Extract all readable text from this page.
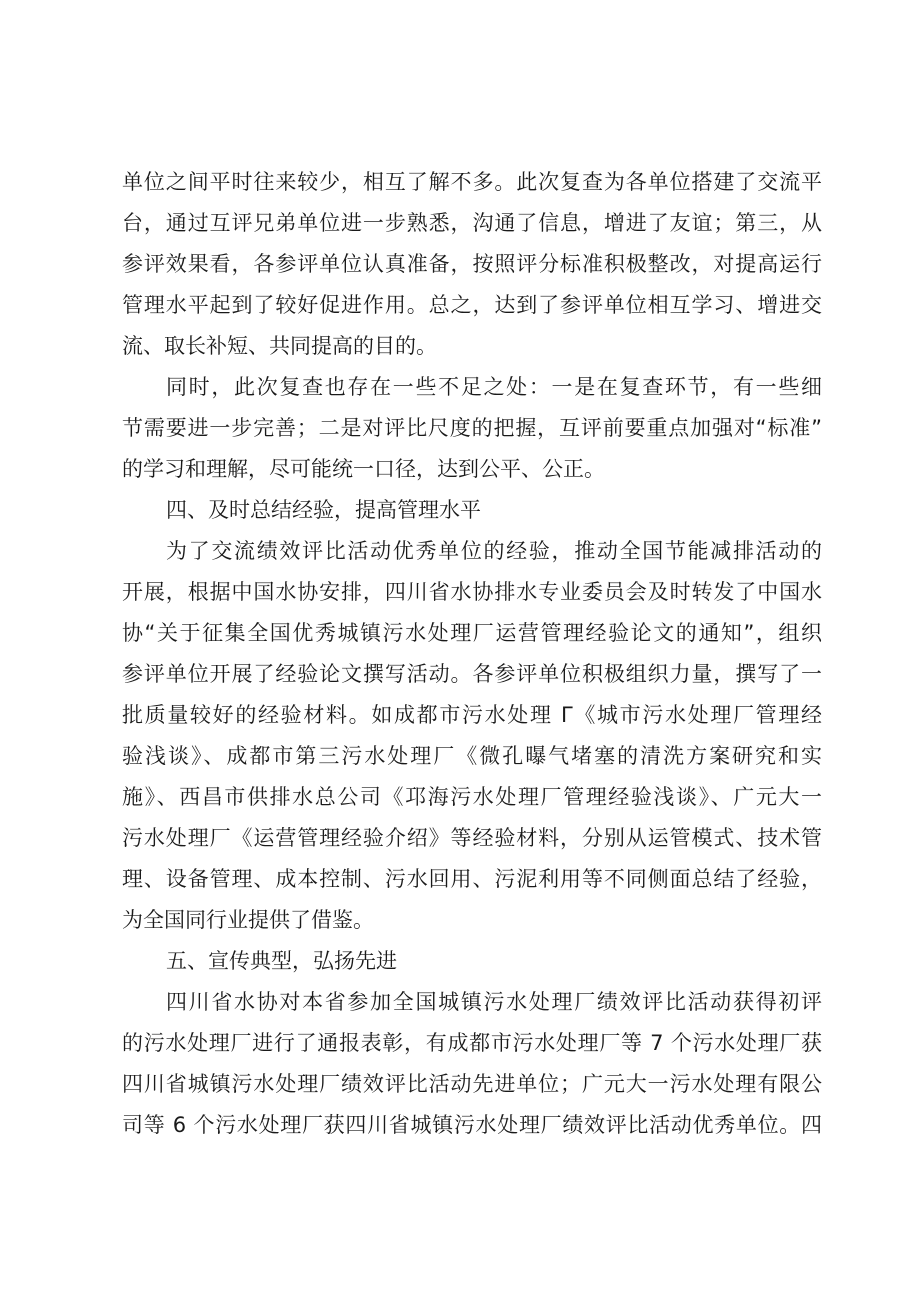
单位之间平时往来较少，相互了解不多。此次复查为各单位搭建了交流平
台，通过互评兄弟单位进一步熟悉，沟通了信息，增进了友谊；第三，从
参评效果看，各参评单位认真准备，按照评分标准积极整改，对提高运行
管理水平起到了较好促进作用。总之，达到了参评单位相互学习、增进交
流、取长补短、共同提高的目的。
同时，此次复查也存在一些不足之处：一是在复查环节，有一些细
节需要进一步完善；二是对评比尺度的把握，互评前要重点加强对“标准”
的学习和理解，尽可能统一口径，达到公平、公正。
四、及时总结经验，提高管理水平
为了交流绩效评比活动优秀单位的经验，推动全国节能减排活动的
开展，根据中国水协安排，四川省水协排水专业委员会及时转发了中国水
协“关于征集全国优秀城镇污水处理厂运营管理经验论文的通知”，组织
参评单位开展了经验论文撰写活动。各参评单位积极组织力量，撰写了一
批质量较好的经验材料。如成都市污水处理 Γ《城市污水处理厂管理经
验浅谈》、成都市第三污水处理厂《微孔曝气堵塞的清洗方案研究和实
施》、西昌市供排水总公司《邛海污水处理厂管理经验浅谈》、广元大一
污水处理厂《运营管理经验介绍》等经验材料，分别从运管模式、技术管
理、设备管理、成本控制、污水回用、污泥利用等不同侧面总结了经验，
为全国同行业提供了借鉴。
五、宣传典型，弘扬先进
四川省水协对本省参加全国城镇污水处理厂绩效评比活动获得初评
的污水处理厂进行了通报表彰，有成都市污水处理厂等 7 个污水处理厂获
四川省城镇污水处理厂绩效评比活动先进单位；广元大一污水处理有限公
司等 6 个污水处理厂获四川省城镇污水处理厂绩效评比活动优秀单位。四
